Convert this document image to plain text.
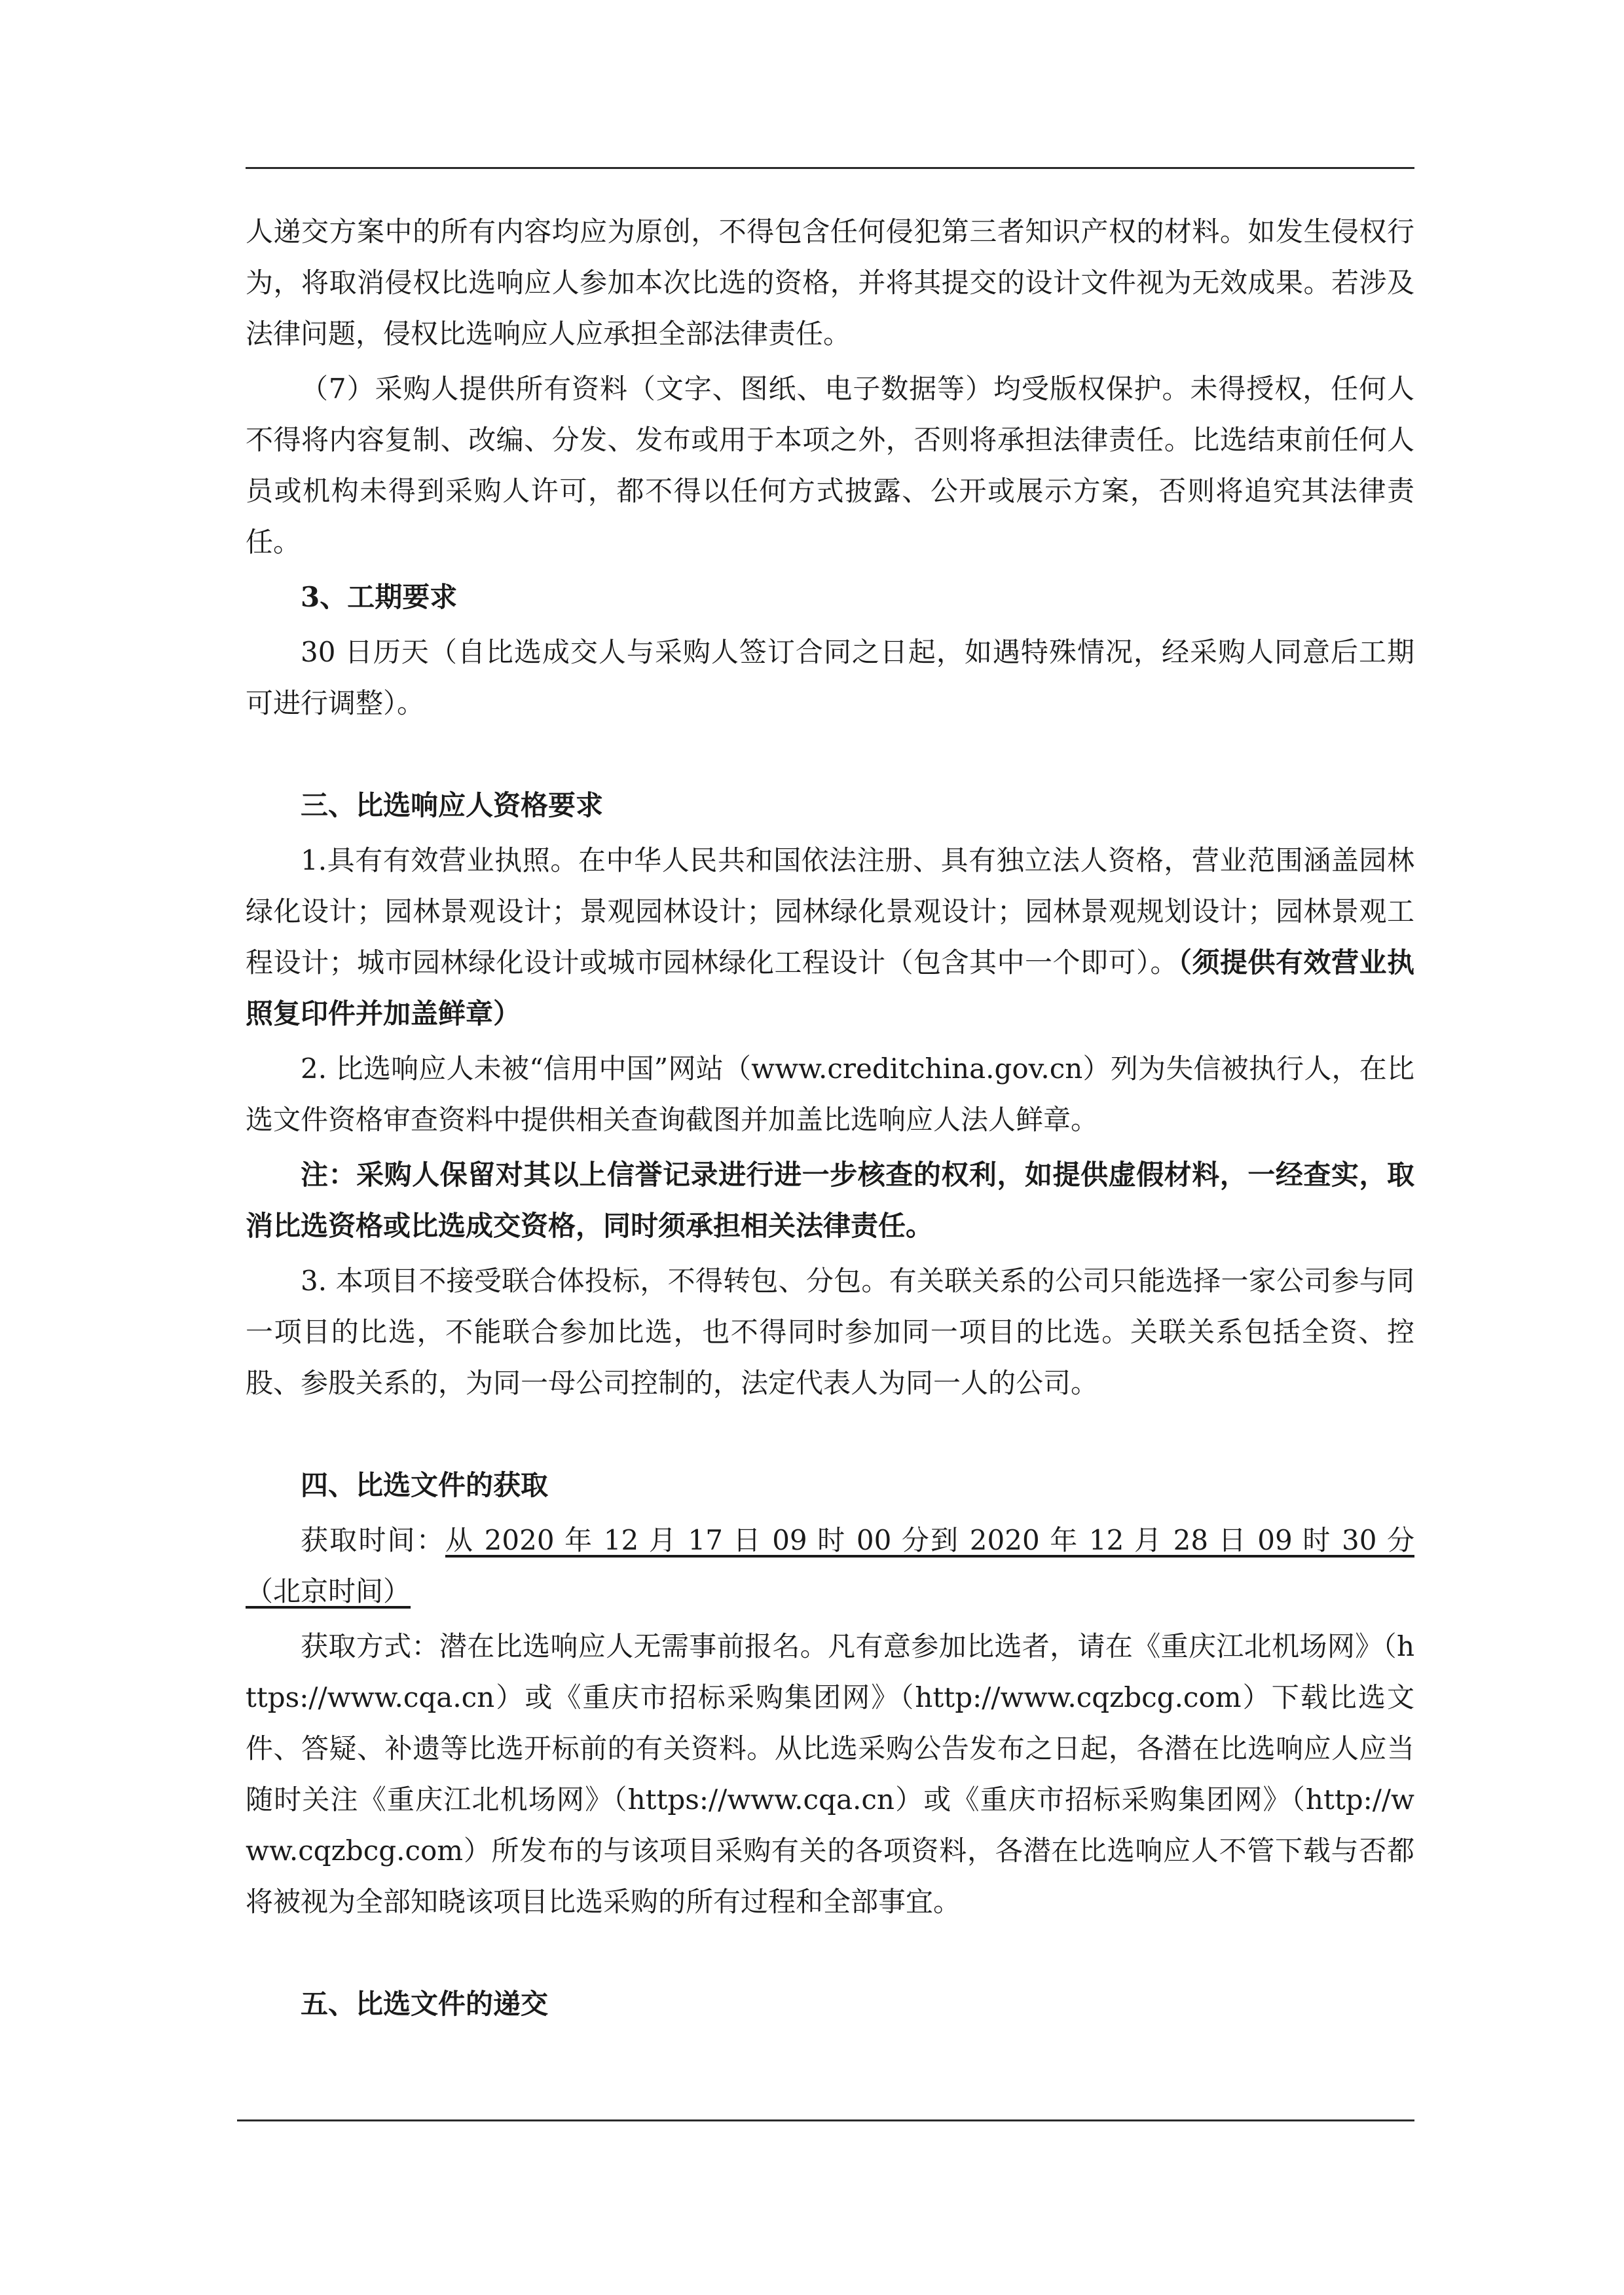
人递交方案中的所有内容均应为原创，不得包含任何侵犯第三者知识产权的材料。如发生侵权行为，将取消侵权比选响应人参加本次比选的资格，并将其提交的设计文件视为无效成果。若涉及法律问题，侵权比选响应人应承担全部法律责任。

（7）采购人提供所有资料（文字、图纸、电子数据等）均受版权保护。未得授权，任何人不得将内容复制、改编、分发、发布或用于本项之外，否则将承担法律责任。比选结束前任何人员或机构未得到采购人许可，都不得以任何方式披露、公开或展示方案，否则将追究其法律责任。

3、工期要求

30 日历天（自比选成交人与采购人签订合同之日起，如遇特殊情况，经采购人同意后工期可进行调整）。

三、比选响应人资格要求

1.具有有效营业执照。在中华人民共和国依法注册、具有独立法人资格，营业范围涵盖园林绿化设计；园林景观设计；景观园林设计；园林绿化景观设计；园林景观规划设计；园林景观工程设计；城市园林绿化设计或城市园林绿化工程设计（包含其中一个即可）。（须提供有效营业执照复印件并加盖鲜章）

2. 比选响应人未被“信用中国”网站（www.creditchina.gov.cn）列为失信被执行人，在比选文件资格审查资料中提供相关查询截图并加盖比选响应人法人鲜章。

注：采购人保留对其以上信誉记录进行进一步核查的权利，如提供虚假材料，一经查实，取消比选资格或比选成交资格，同时须承担相关法律责任。

3. 本项目不接受联合体投标，不得转包、分包。有关联关系的公司只能选择一家公司参与同一项目的比选，不能联合参加比选，也不得同时参加同一项目的比选。关联关系包括全资、控股、参股关系的，为同一母公司控制的，法定代表人为同一人的公司。

四、比选文件的获取

获取时间：从 2020 年 12 月 17 日 09 时 00 分到 2020 年 12 月 28 日 09 时 30 分（北京时间）

获取方式：潜在比选响应人无需事前报名。凡有意参加比选者，请在《重庆江北机场网》（https://www.cqa.cn）或《重庆市招标采购集团网》（http://www.cqzbcg.com）下载比选文件、答疑、补遗等比选开标前的有关资料。从比选采购公告发布之日起，各潜在比选响应人应当随时关注《重庆江北机场网》（https://www.cqa.cn）或《重庆市招标采购集团网》（http://www.cqzbcg.com）所发布的与该项目采购有关的各项资料，各潜在比选响应人不管下载与否都将被视为全部知晓该项目比选采购的所有过程和全部事宜。

五、比选文件的递交
